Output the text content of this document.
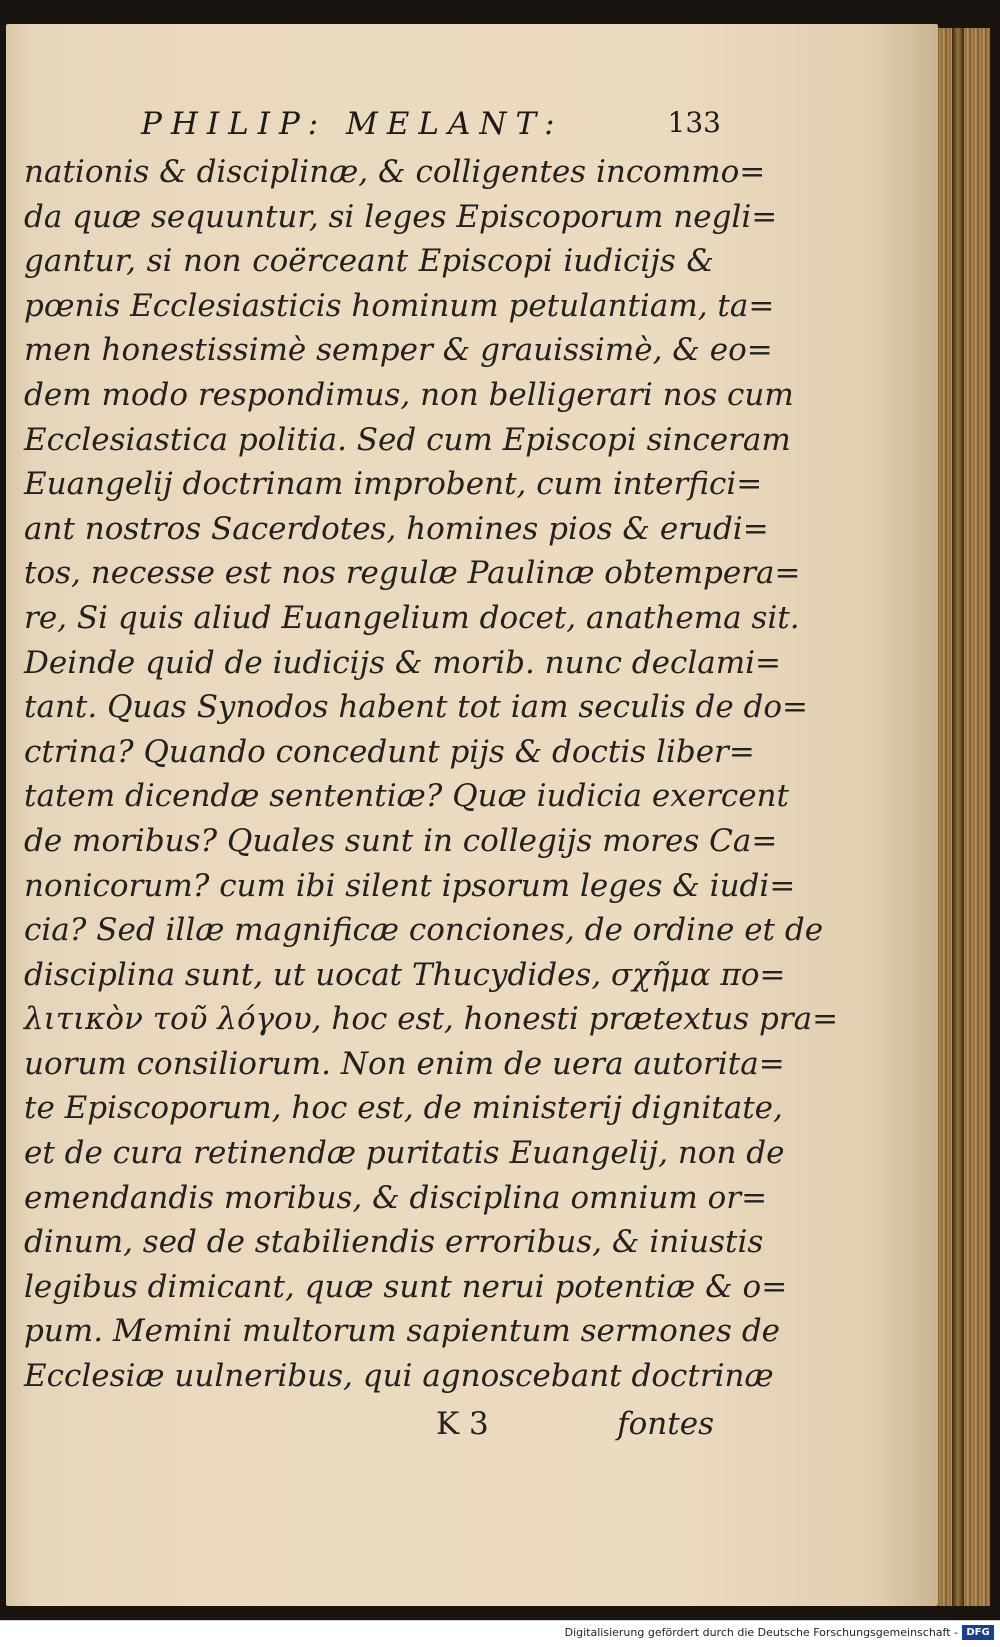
PHILIP: MELANT:	133
nationis & disciplinæ, & colligentes incommo=
da quæ sequuntur, si leges Episcoporum negli=
gantur, si non coërceant Episcopi iudicijs &
pœnis Ecclesiasticis hominum petulantiam, ta=
men honestissimè semper & grauissimè, & eo=
dem modo respondimus, non belligerari nos cum
Ecclesiastica politia. Sed cum Episcopi sinceram
Euangelij doctrinam improbent, cum interfici=
ant nostros Sacerdotes, homines pios & erudi=
tos, necesse est nos regulæ Paulinæ obtempera=
re, Si quis aliud Euangelium docet, anathema sit.
Deinde quid de iudicijs & morib. nunc declami=
tant. Quas Synodos habent tot iam seculis de do=
ctrina? Quando concedunt pijs & doctis liber=
tatem dicendæ sententiæ? Quæ iudicia exercent
de moribus? Quales sunt in collegijs mores Ca=
nonicorum? cum ibi silent ipsorum leges & iudi=
cia? Sed illæ magnificæ conciones, de ordine et de
disciplina sunt, ut uocat Thucydides, σχῆμα πο=
λιτικὸν τοῦ λόγου, hoc est, honesti prætextus pra=
uorum consiliorum. Non enim de uera autorita=
te Episcoporum, hoc est, de ministerij dignitate,
et de cura retinendæ puritatis Euangelij, non de
emendandis moribus, & disciplina omnium or=
dinum, sed de stabiliendis erroribus, & iniustis
legibus dimicant, quæ sunt nerui potentiæ & o=
pum. Memini multorum sapientum sermones de
Ecclesiæ uulneribus, qui agnoscebant doctrinæ
K 3	fontes
Digitalisierung gefördert durch die Deutsche Forschungsgemeinschaft - DFG
